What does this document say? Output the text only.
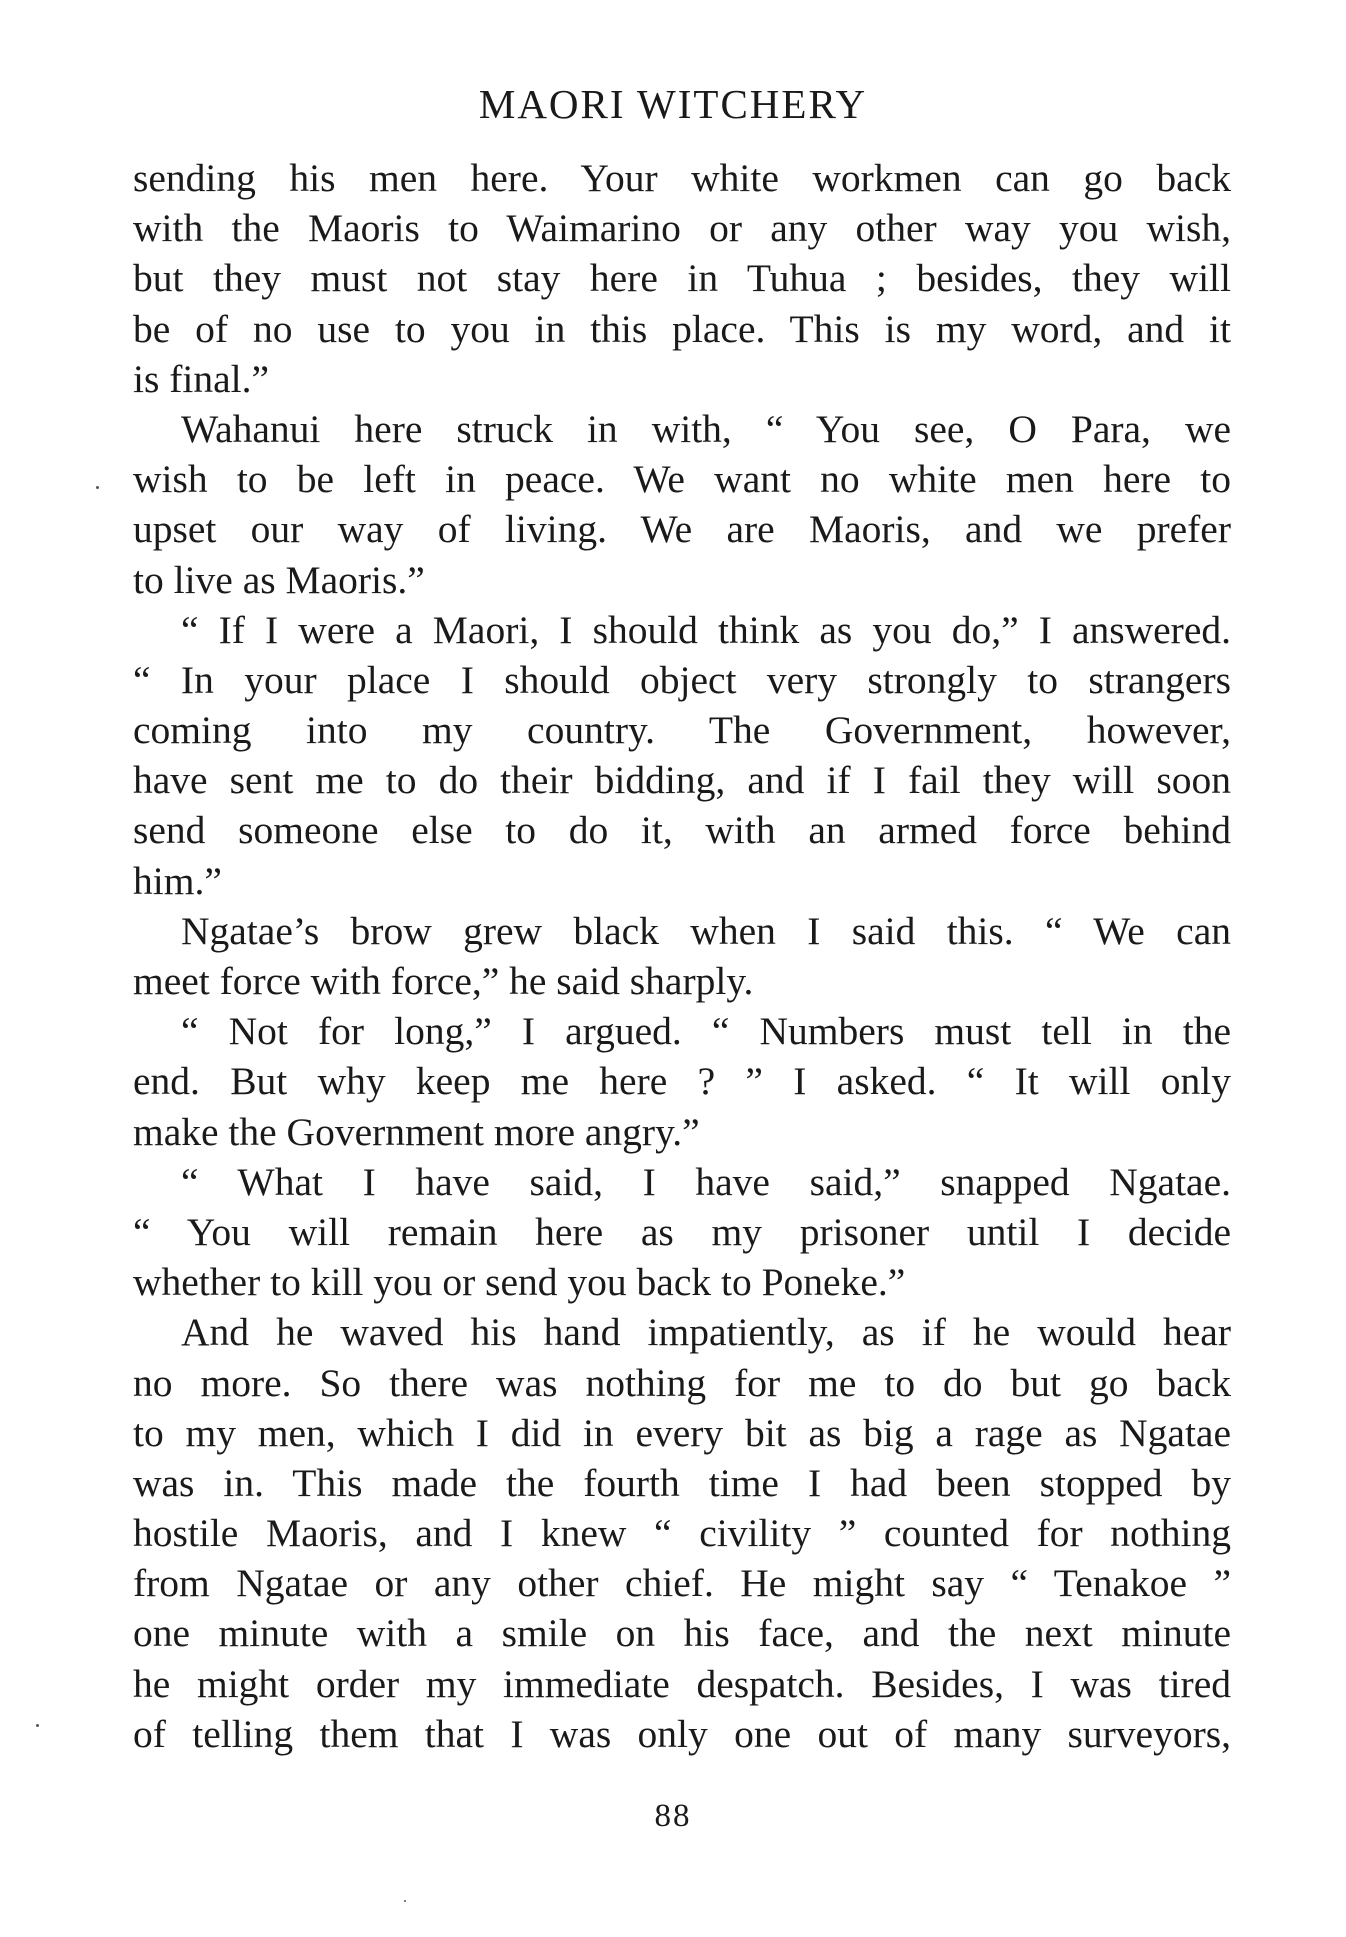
MAORI WITCHERY
sending his men here. Your white workmen can go back
with the Maoris to Waimarino or any other way you wish,
but they must not stay here in Tuhua ; besides, they will
be of no use to you in this place. This is my word, and it
is final.”
Wahanui here struck in with, “ You see, O Para, we
wish to be left in peace. We want no white men here to
upset our way of living. We are Maoris, and we prefer
to live as Maoris.”
“ If I were a Maori, I should think as you do,” I answered.
“ In your place I should object very strongly to strangers
coming into my country. The Government, however,
have sent me to do their bidding, and if I fail they will soon
send someone else to do it, with an armed force behind
him.”
Ngatae’s brow grew black when I said this. “ We can
meet force with force,” he said sharply.
“ Not for long,” I argued. “ Numbers must tell in the
end. But why keep me here ? ” I asked. “ It will only
make the Government more angry.”
“ What I have said, I have said,” snapped Ngatae.
“ You will remain here as my prisoner until I decide
whether to kill you or send you back to Poneke.”
And he waved his hand impatiently, as if he would hear
no more. So there was nothing for me to do but go back
to my men, which I did in every bit as big a rage as Ngatae
was in. This made the fourth time I had been stopped by
hostile Maoris, and I knew “ civility ” counted for nothing
from Ngatae or any other chief. He might say “ Tenakoe ”
one minute with a smile on his face, and the next minute
he might order my immediate despatch. Besides, I was tired
of telling them that I was only one out of many surveyors,
88
